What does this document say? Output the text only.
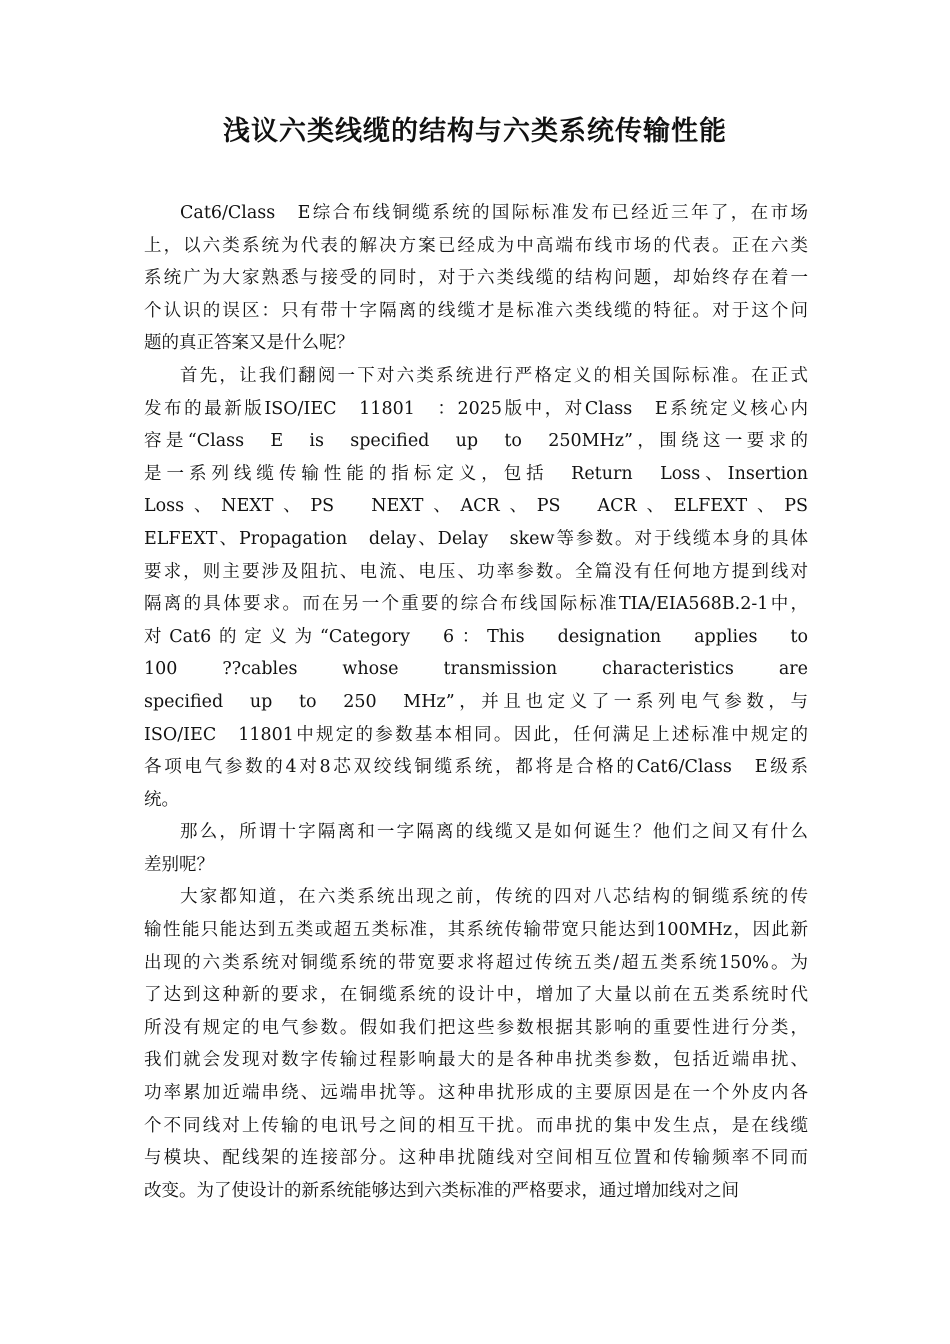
浅议六类线缆的结构与六类系统传输性能
Cat6/Class　E综合布线铜缆系统的国际标准发布已经近三年了，在市场
上，以六类系统为代表的解决方案已经成为中高端布线市场的代表。正在六类
系统广为大家熟悉与接受的同时，对于六类线缆的结构问题，却始终存在着一
个认识的误区：只有带十字隔离的线缆才是标准六类线缆的特征。对于这个问
题的真正答案又是什么呢？
首先，让我们翻阅一下对六类系统进行严格定义的相关国际标准。在正式
发布的最新版ISO/IEC　11801　：2025版中，对Class　E系统定义核心内
容是“Class　E　is　specified　up　to　250MHz”，围绕这一要求的
是一系列线缆传输性能的指标定义，包括　Return　Loss、Insertion
Loss、NEXT、PS　NEXT、ACR、PS　ACR、ELFEXT、PS
ELFEXT、Propagation　delay、Delay　skew等参数。对于线缆本身的具体
要求，则主要涉及阻抗、电流、电压、功率参数。全篇没有任何地方提到线对
隔离的具体要求。而在另一个重要的综合布线国际标准TIA/EIA568B.2-1中，
对Cat6的定义为“Category　6：This　designation　applies　to
100　??cables　whose　transmission　characteristics　are
specified　up　to　250　MHz”，并且也定义了一系列电气参数，与
ISO/IEC　11801中规定的参数基本相同。因此，任何满足上述标准中规定的
各项电气参数的4对8芯双绞线铜缆系统，都将是合格的Cat6/Class　E级系
统。
那么，所谓十字隔离和一字隔离的线缆又是如何诞生？他们之间又有什么
差别呢？
大家都知道，在六类系统出现之前，传统的四对八芯结构的铜缆系统的传
输性能只能达到五类或超五类标准，其系统传输带宽只能达到100MHz，因此新
出现的六类系统对铜缆系统的带宽要求将超过传统五类/超五类系统150%。为
了达到这种新的要求，在铜缆系统的设计中，增加了大量以前在五类系统时代
所没有规定的电气参数。假如我们把这些参数根据其影响的重要性进行分类，
我们就会发现对数字传输过程影响最大的是各种串扰类参数，包括近端串扰、
功率累加近端串绕、远端串扰等。这种串扰形成的主要原因是在一个外皮内各
个不同线对上传输的电讯号之间的相互干扰。而串扰的集中发生点，是在线缆
与模块、配线架的连接部分。这种串扰随线对空间相互位置和传输频率不同而
改变。为了使设计的新系统能够达到六类标准的严格要求，通过增加线对之间
